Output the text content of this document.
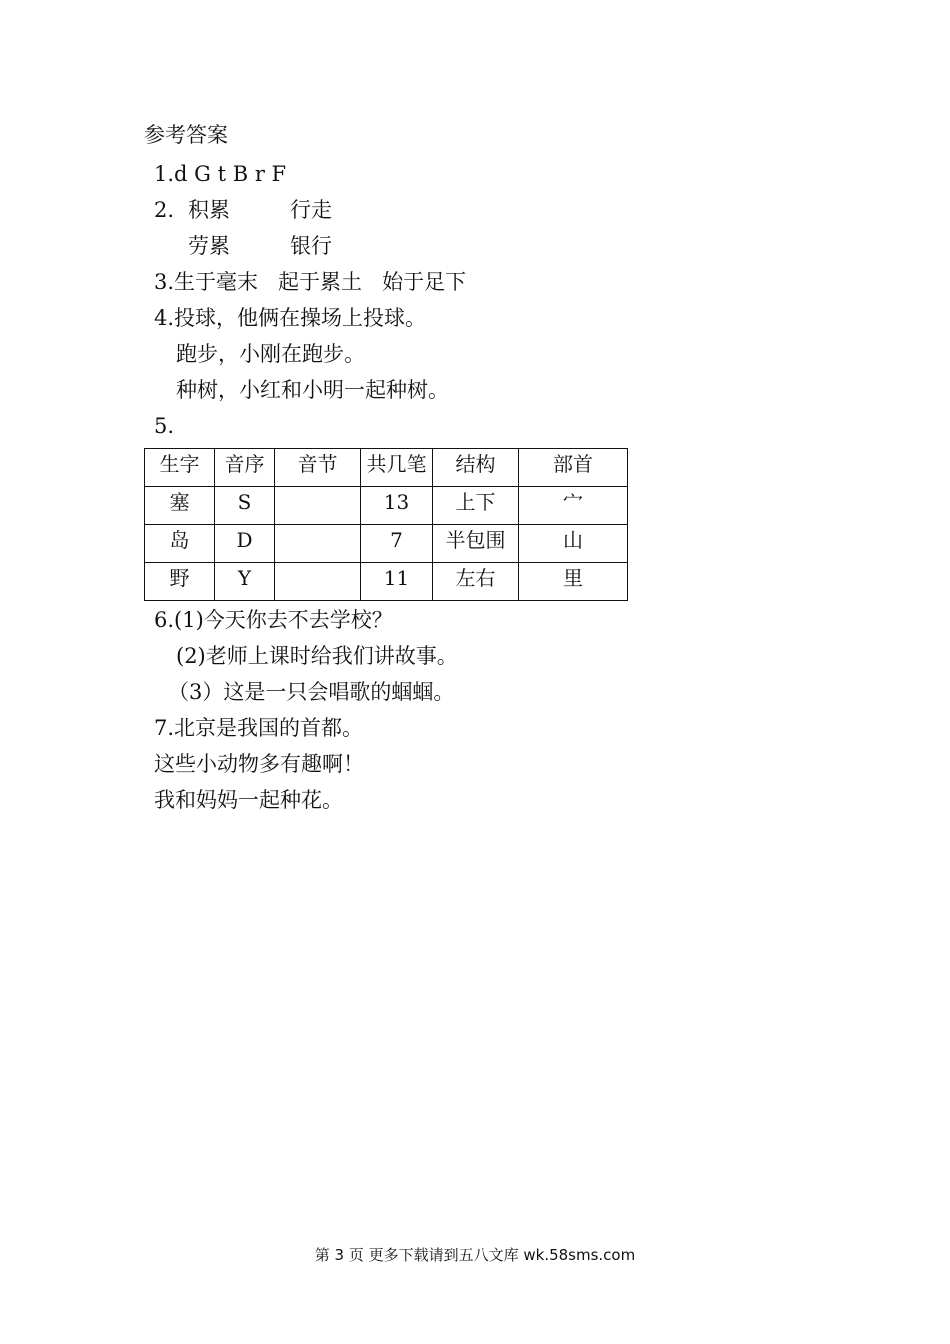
参考答案
1.d G t B r F
2. 积累	行走
劳累	银行
3.生于毫末   起于累土   始于足下
4.投球，他俩在操场上投球。
跑步，小刚在跑步。
种树，小红和小明一起种树。
5.
生字	音序	音节	共几笔	结构	部首
塞	S		13	上下	宀
岛	D		7	半包围	山
野	Y		11	左右	里
6.(1)今天你去不去学校？
(2)老师上课时给我们讲故事。
（3）这是一只会唱歌的蝈蝈。
7.北京是我国的首都。
这些小动物多有趣啊！
我和妈妈一起种花。
第 3 页 更多下载请到五八文库 wk.58sms.com
